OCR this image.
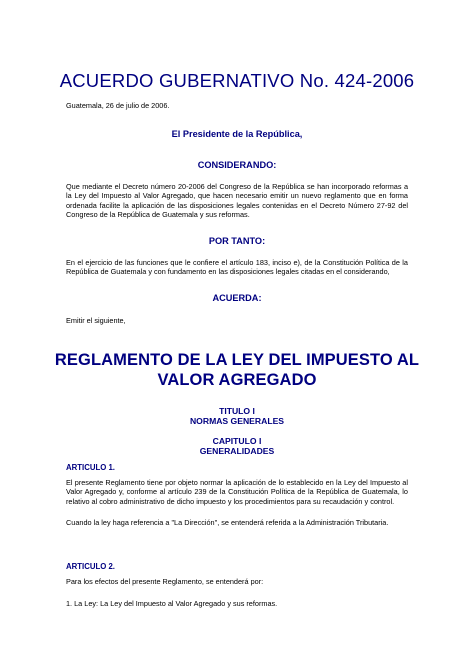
ACUERDO GUBERNATIVO No. 424-2006

Guatemala, 26 de julio de 2006.

El Presidente de la República,

CONSIDERANDO:

Que mediante el Decreto número 20-2006 del Congreso de la República se han incorporado reformas a la Ley del Impuesto al Valor Agregado, que hacen necesario emitir un nuevo reglamento que en forma ordenada facilite la aplicación de las disposiciones legales contenidas en el Decreto Número 27-92 del Congreso de la República de Guatemala y sus reformas.

POR TANTO:

En el ejercicio de las funciones que le confiere el artículo 183, inciso e), de la Constitución Política de la República de Guatemala y con fundamento en las disposiciones legales citadas en el considerando,

ACUERDA:

Emitir el siguiente,

REGLAMENTO DE LA LEY DEL IMPUESTO AL
VALOR AGREGADO

TITULO I

NORMAS GENERALES

CAPITULO I

GENERALIDADES

ARTICULO 1.

El presente Reglamento tiene por objeto normar la aplicación de lo establecido en la Ley del Impuesto al Valor Agregado y, conforme al artículo 239 de la Constitución Política de la República de Guatemala, lo relativo al cobro administrativo de dicho impuesto y los procedimientos para su recaudación y control.

Cuando la ley haga referencia a "La Dirección", se entenderá referida a la Administración Tributaria.

ARTICULO 2.

Para los efectos del presente Reglamento, se entenderá por:

1. La Ley: La Ley del Impuesto al Valor Agregado y sus reformas.
